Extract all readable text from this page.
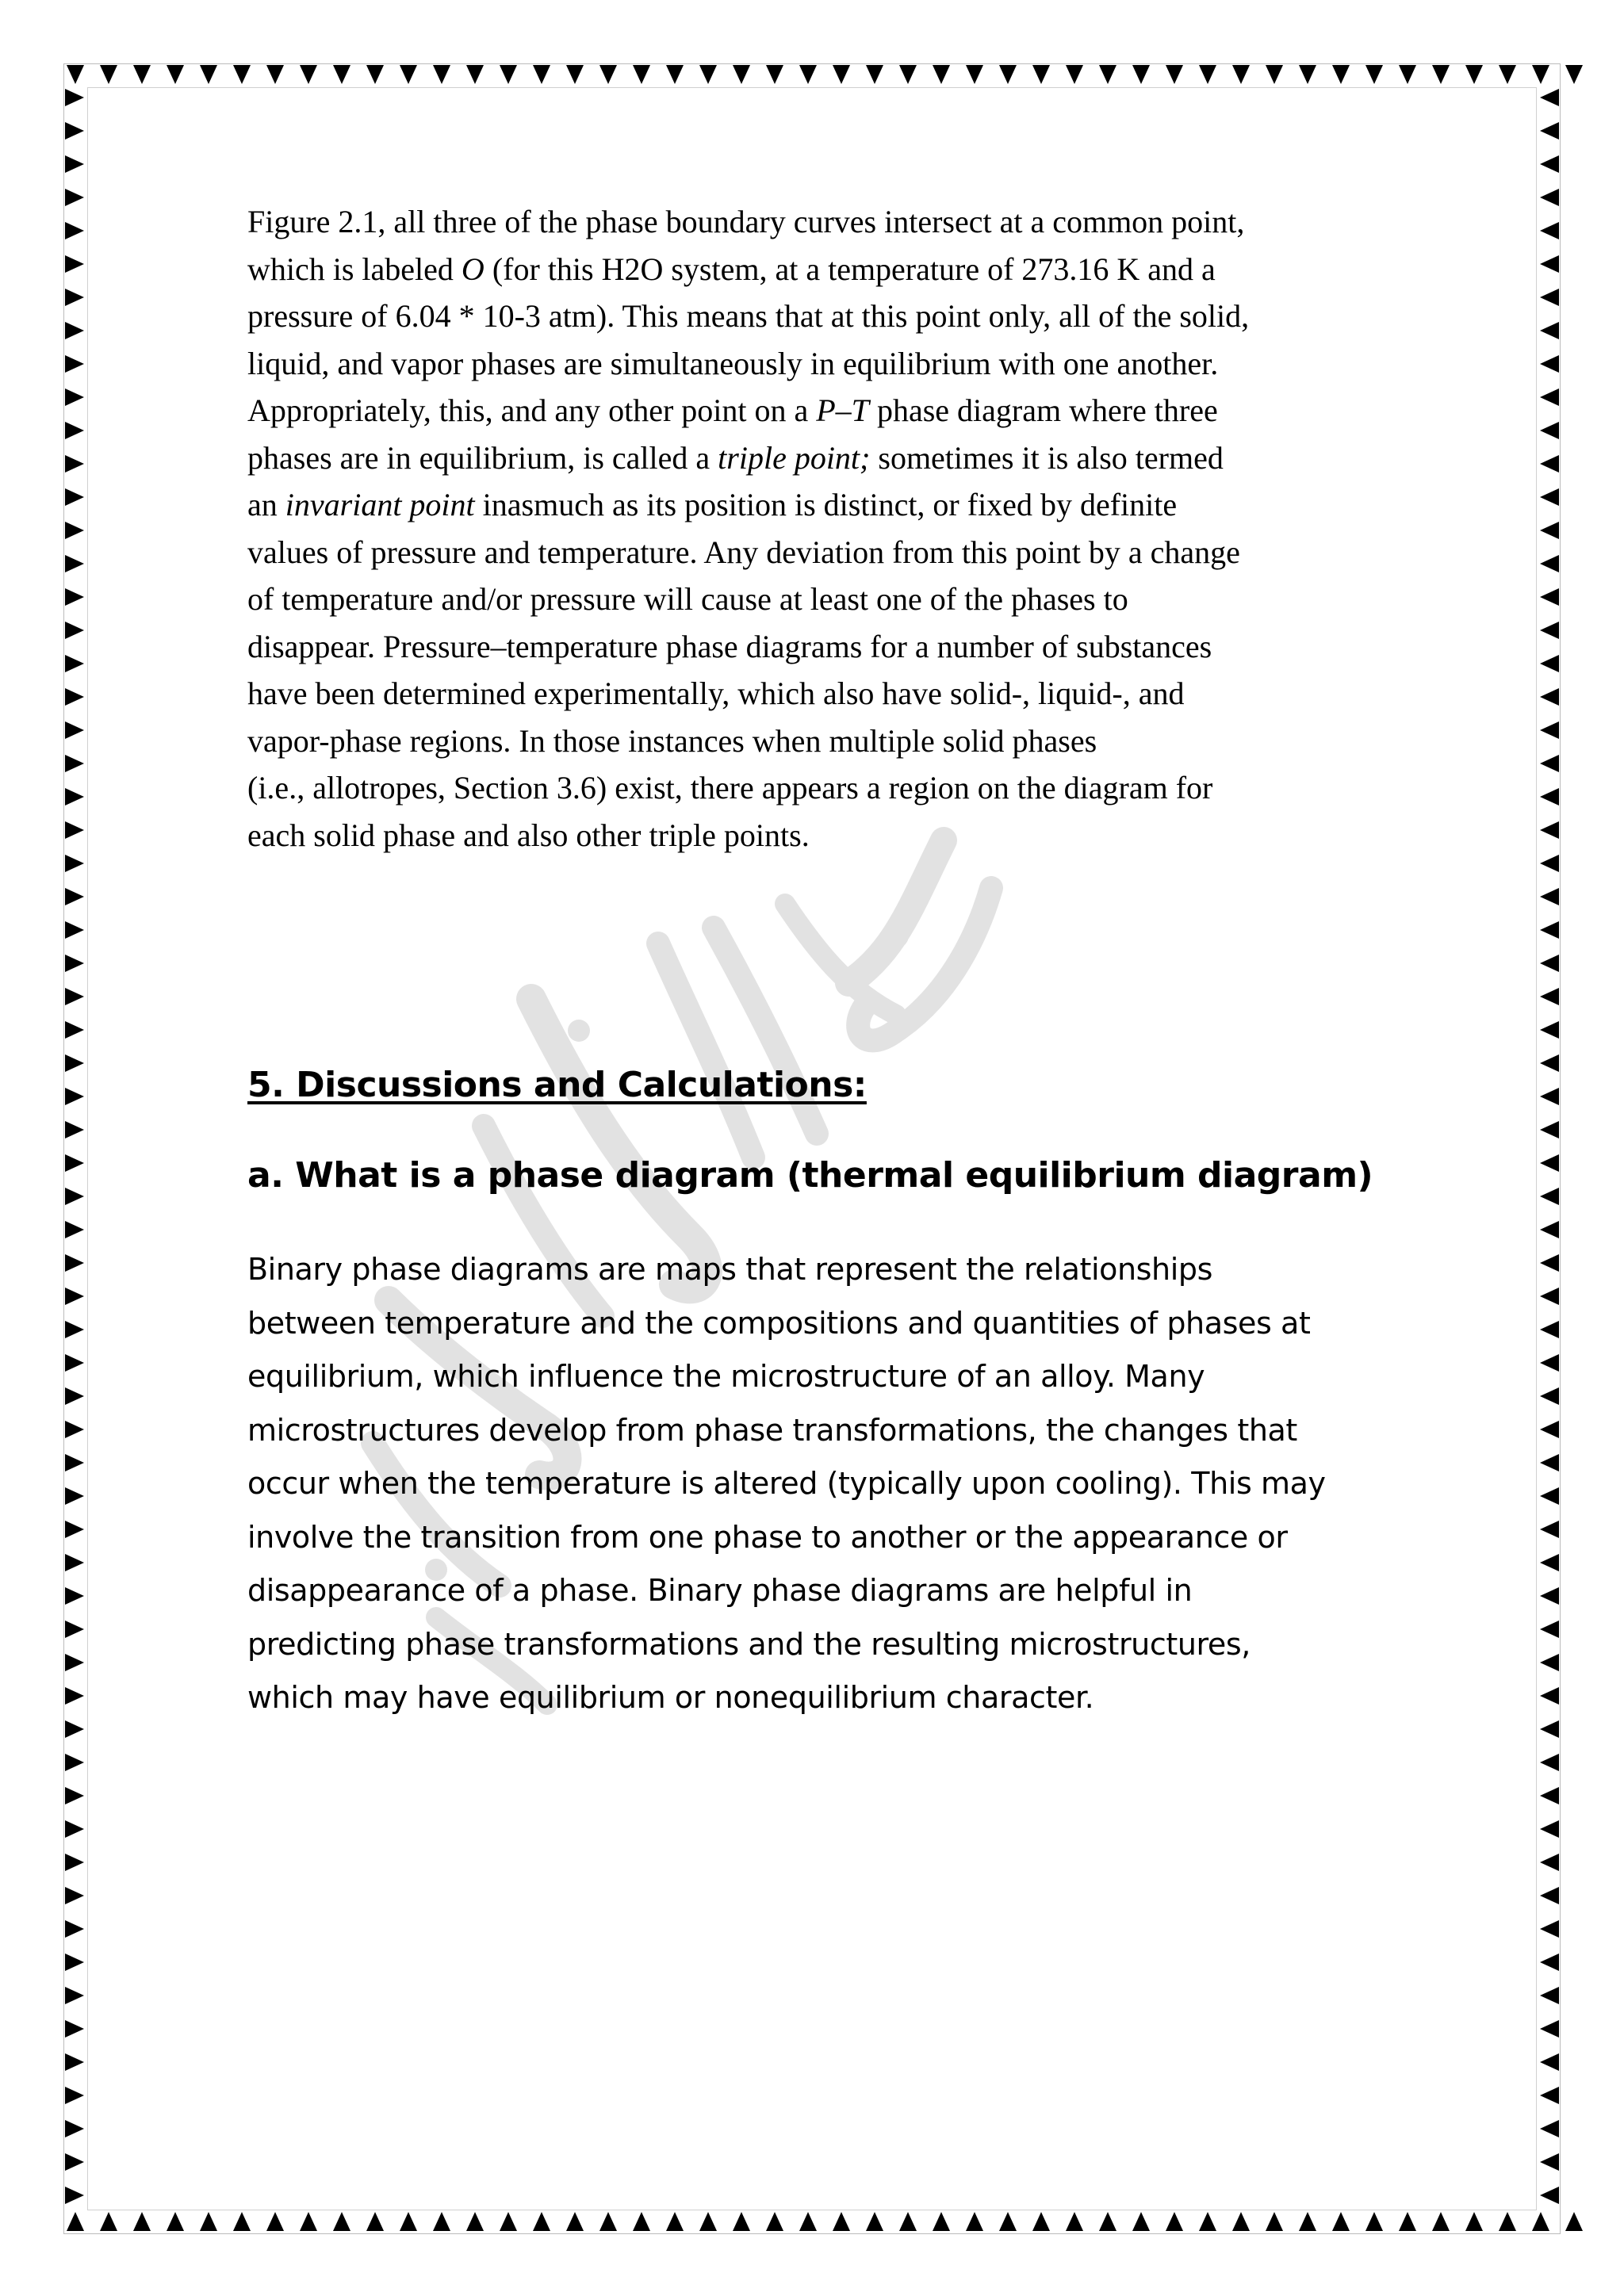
Figure 2.1, all three of the phase boundary curves intersect at a common point,
which is labeled O (for this H2O system, at a temperature of 273.16 K and a
pressure of 6.04 * 10-3 atm). This means that at this point only, all of the solid,
liquid, and vapor phases are simultaneously in equilibrium with one another.
Appropriately, this, and any other point on a P–T phase diagram where three
phases are in equilibrium, is called a triple point; sometimes it is also termed
an invariant point inasmuch as its position is distinct, or fixed by definite
values of pressure and temperature. Any deviation from this point by a change
of temperature and/or pressure will cause at least one of the phases to
disappear. Pressure–temperature phase diagrams for a number of substances
have been determined experimentally, which also have solid-, liquid-, and
vapor-phase regions. In those instances when multiple solid phases
(i.e., allotropes, Section 3.6) exist, there appears a region on the diagram for
each solid phase and also other triple points.

5. Discussions and Calculations:
a. What is a phase diagram (thermal equilibrium diagram)

Binary phase diagrams are maps that represent the relationships
between temperature and the compositions and quantities of phases at
equilibrium, which influence the microstructure of an alloy. Many
microstructures develop from phase transformations, the changes that
occur when the temperature is altered (typically upon cooling). This may
involve the transition from one phase to another or the appearance or
disappearance of a phase. Binary phase diagrams are helpful in
predicting phase transformations and the resulting microstructures,
which may have equilibrium or nonequilibrium character.
